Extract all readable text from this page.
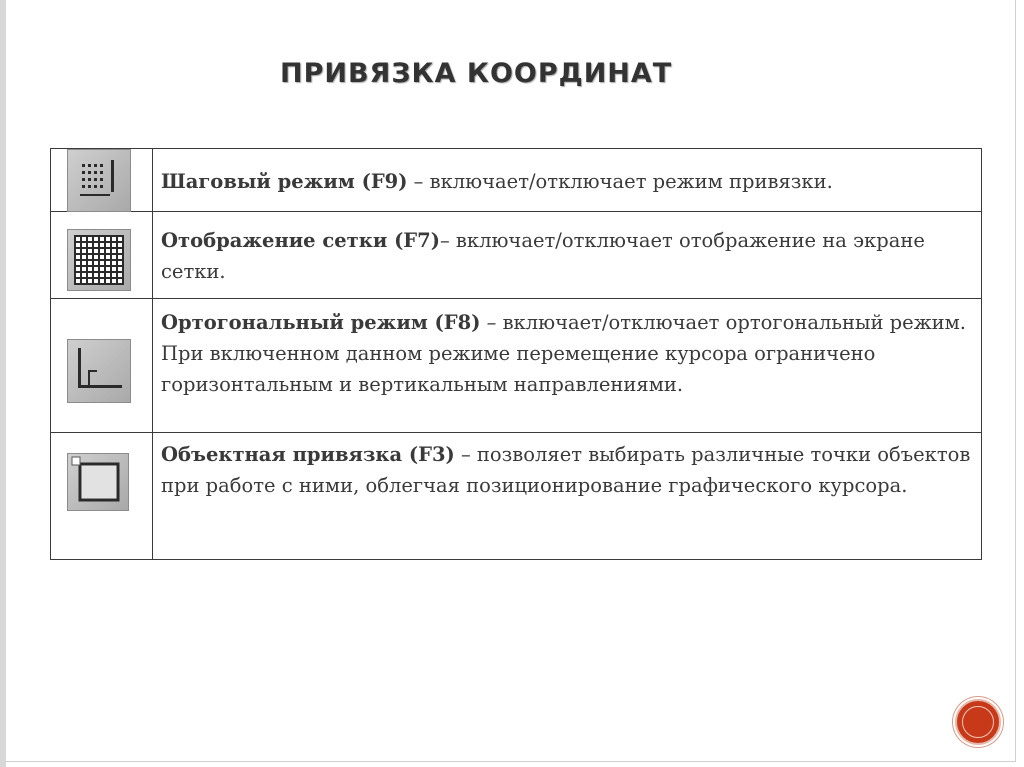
ПРИВЯЗКА КООРДИНАТ
Шаговый режим (F9) – включает/отключает режим привязки.
Отображение сетки (F7)– включает/отключает отображение на экране сетки.
Ортогональный режим (F8) – включает/отключает ортогональный режим. При включенном данном режиме перемещение курсора ограничено горизонтальным и вертикальным направлениями.
Объектная привязка (F3) – позволяет выбирать различные точки объектов при работе с ними, облегчая позиционирование графического курсора.
